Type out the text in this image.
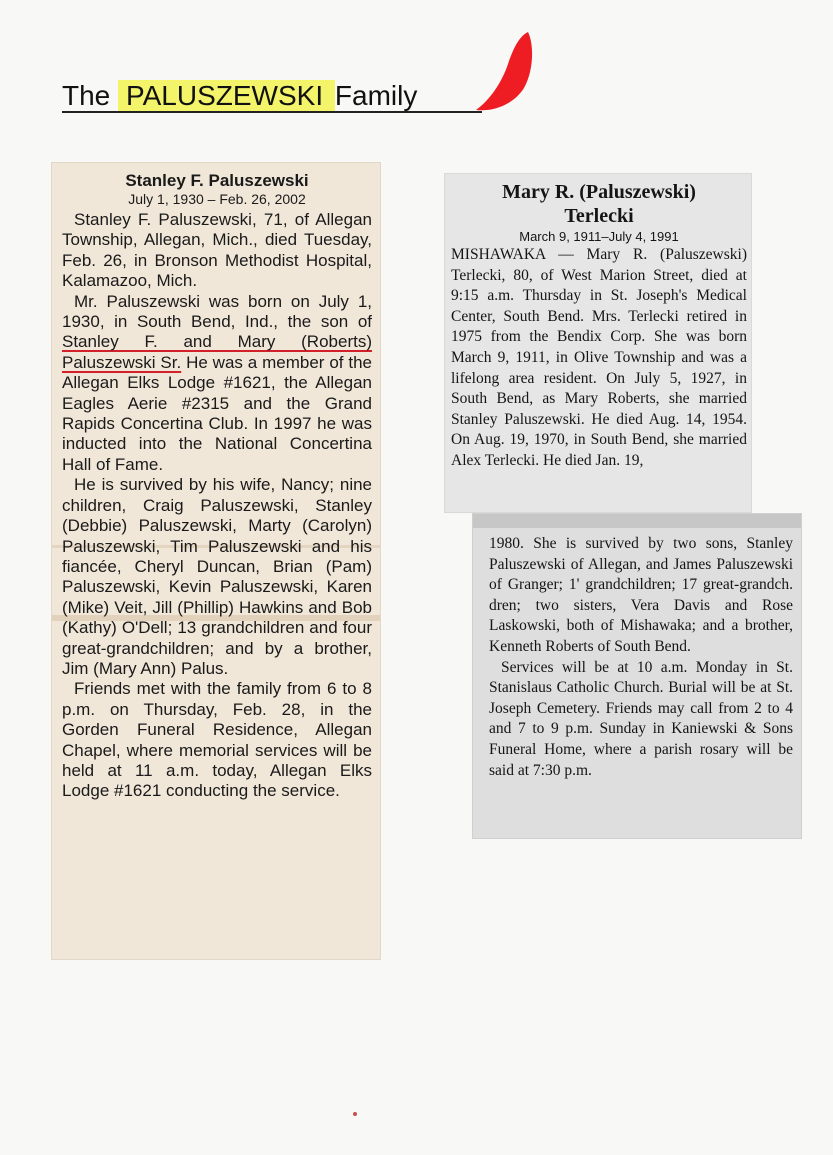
The PALUSZEWSKI Family
Stanley F. Paluszewski
July 1, 1930 – Feb. 26, 2002

Stanley F. Paluszewski, 71, of Allegan Township, Allegan, Mich., died Tuesday, Feb. 26, in Bronson Methodist Hospital, Kalamazoo, Mich.

Mr. Paluszewski was born on July 1, 1930, in South Bend, Ind., the son of Stanley F. and Mary (Roberts) Paluszewski Sr. He was a member of the Allegan Elks Lodge #1621, the Allegan Eagles Aerie #2315 and the Grand Rapids Concertina Club. In 1997 he was inducted into the National Concertina Hall of Fame.

He is survived by his wife, Nancy; nine children, Craig Paluszewski, Stanley (Debbie) Paluszewski, Marty (Carolyn) Paluszewski, Tim Paluszewski and his fiancée, Cheryl Duncan, Brian (Pam) Paluszewski, Kevin Paluszewski, Karen (Mike) Veit, Jill (Phillip) Hawkins and Bob (Kathy) O'Dell; 13 grandchildren and four great-grandchildren; and by a brother, Jim (Mary Ann) Palus.

Friends met with the family from 6 to 8 p.m. on Thursday, Feb. 28, in the Gorden Funeral Residence, Allegan Chapel, where memorial services will be held at 11 a.m. today, Allegan Elks Lodge #1621 conducting the service.

Mary R. (Paluszewski)
Terlecki
March 9, 1911–July 4, 1991

MISHAWAKA — Mary R. (Paluszewski) Terlecki, 80, of West Marion Street, died at 9:15 a.m. Thursday in St. Joseph's Medical Center, South Bend. Mrs. Terlecki retired in 1975 from the Bendix Corp. She was born March 9, 1911, in Olive Township and was a lifelong area resident. On July 5, 1927, in South Bend, as Mary Roberts, she married Stanley Paluszewski. He died Aug. 14, 1954. On Aug. 19, 1970, in South Bend, she married Alex Terlecki. He died Jan. 19,

1980. She is survived by two sons, Stanley Paluszewski of Allegan, and James Paluszewski of Granger; 1' grandchildren; 17 great-grandch. dren; two sisters, Vera Davis and Rose Laskowski, both of Mishawaka; and a brother, Kenneth Roberts of South Bend.

Services will be at 10 a.m. Monday in St. Stanislaus Catholic Church. Burial will be at St. Joseph Cemetery. Friends may call from 2 to 4 and 7 to 9 p.m. Sunday in Kaniewski & Sons Funeral Home, where a parish rosary will be said at 7:30 p.m.
